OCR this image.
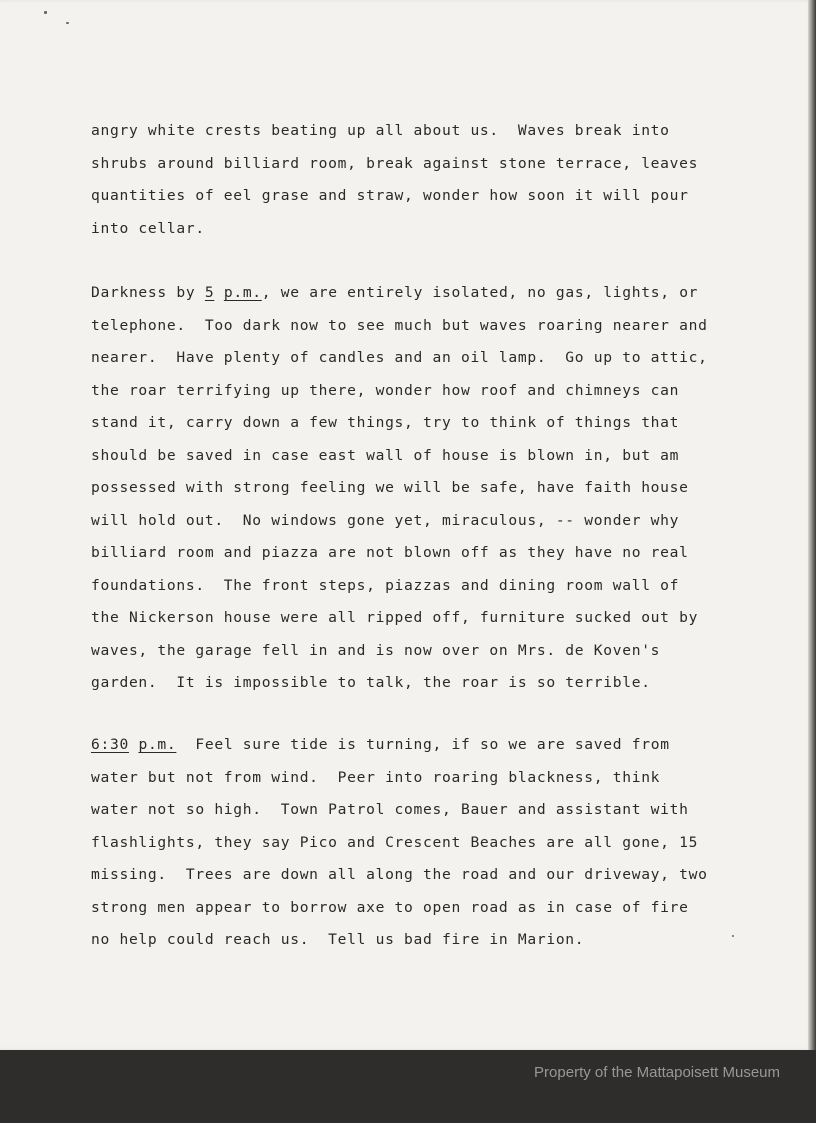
angry white crests beating up all about us.  Waves break into
shrubs around billiard room, break against stone terrace, leaves
quantities of eel grase and straw, wonder how soon it will pour
into cellar.
Darkness by 5 p.m., we are entirely isolated, no gas, lights, or
telephone.  Too dark now to see much but waves roaring nearer and
nearer.  Have plenty of candles and an oil lamp.  Go up to attic,
the roar terrifying up there, wonder how roof and chimneys can
stand it, carry down a few things, try to think of things that
should be saved in case east wall of house is blown in, but am
possessed with strong feeling we will be safe, have faith house
will hold out.  No windows gone yet, miraculous, -- wonder why
billiard room and piazza are not blown off as they have no real
foundations.  The front steps, piazzas and dining room wall of
the Nickerson house were all ripped off, furniture sucked out by
waves, the garage fell in and is now over on Mrs. de Koven's
garden.  It is impossible to talk, the roar is so terrible.
6:30 p.m.  Feel sure tide is turning, if so we are saved from
water but not from wind.  Peer into roaring blackness, think
water not so high.  Town Patrol comes, Bauer and assistant with
flashlights, they say Pico and Crescent Beaches are all gone, 15
missing.  Trees are down all along the road and our driveway, two
strong men appear to borrow axe to open road as in case of fire
no help could reach us.  Tell us bad fire in Marion.
Property of the Mattapoisett Museum
